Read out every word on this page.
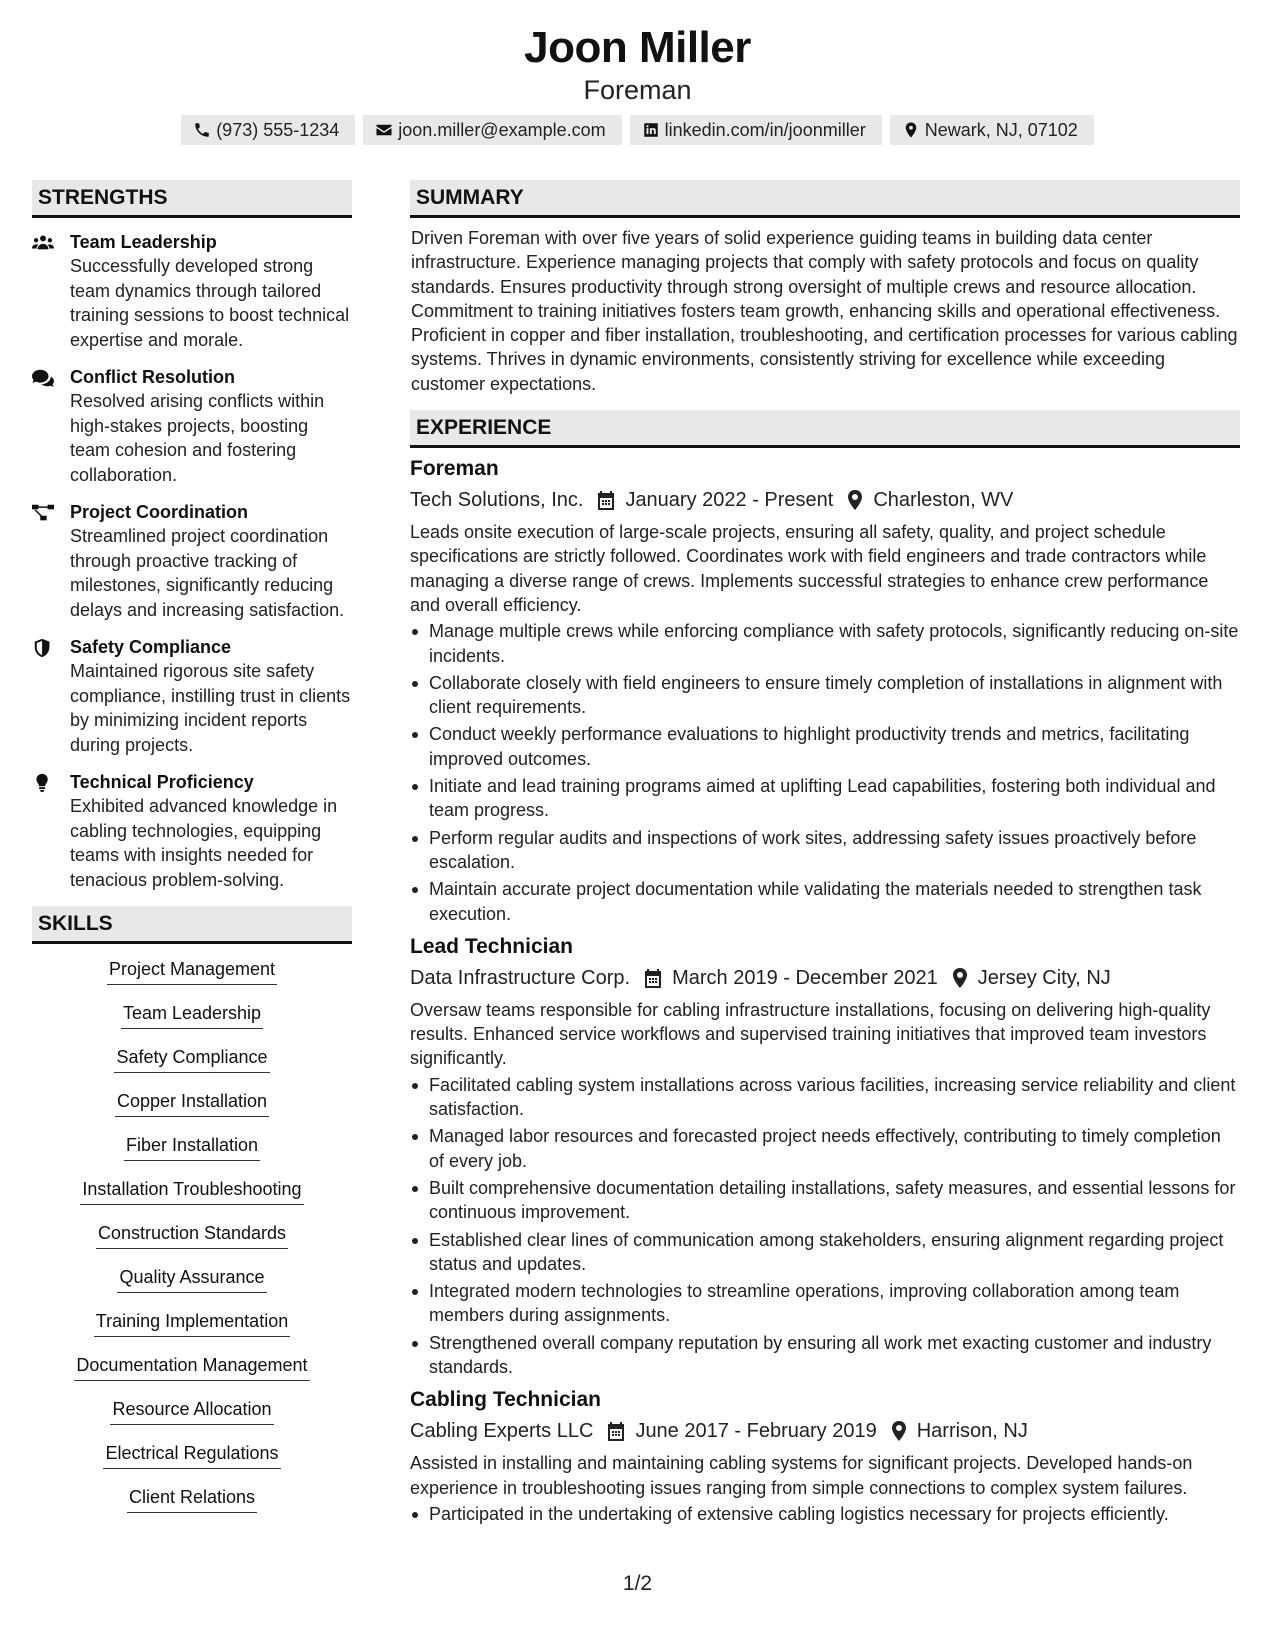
Joon Miller
Foreman
(973) 555-1234	joon.miller@example.com	linkedin.com/in/joonmiller	Newark, NJ, 07102
STRENGTHS
Team Leadership
Successfully developed strong team dynamics through tailored training sessions to boost technical expertise and morale.
Conflict Resolution
Resolved arising conflicts within high-stakes projects, boosting team cohesion and fostering collaboration.
Project Coordination
Streamlined project coordination through proactive tracking of milestones, significantly reducing delays and increasing satisfaction.
Safety Compliance
Maintained rigorous site safety compliance, instilling trust in clients by minimizing incident reports during projects.
Technical Proficiency
Exhibited advanced knowledge in cabling technologies, equipping teams with insights needed for tenacious problem-solving.
SKILLS
Project Management
Team Leadership
Safety Compliance
Copper Installation
Fiber Installation
Installation Troubleshooting
Construction Standards
Quality Assurance
Training Implementation
Documentation Management
Resource Allocation
Electrical Regulations
Client Relations
SUMMARY
Driven Foreman with over five years of solid experience guiding teams in building data center infrastructure. Experience managing projects that comply with safety protocols and focus on quality standards. Ensures productivity through strong oversight of multiple crews and resource allocation. Commitment to training initiatives fosters team growth, enhancing skills and operational effectiveness. Proficient in copper and fiber installation, troubleshooting, and certification processes for various cabling systems. Thrives in dynamic environments, consistently striving for excellence while exceeding customer expectations.
EXPERIENCE
Foreman
Tech Solutions, Inc. January 2022 - Present Charleston, WV
Leads onsite execution of large-scale projects, ensuring all safety, quality, and project schedule specifications are strictly followed. Coordinates work with field engineers and trade contractors while managing a diverse range of crews. Implements successful strategies to enhance crew performance and overall efficiency.
Manage multiple crews while enforcing compliance with safety protocols, significantly reducing on-site incidents.
Collaborate closely with field engineers to ensure timely completion of installations in alignment with client requirements.
Conduct weekly performance evaluations to highlight productivity trends and metrics, facilitating improved outcomes.
Initiate and lead training programs aimed at uplifting Lead capabilities, fostering both individual and team progress.
Perform regular audits and inspections of work sites, addressing safety issues proactively before escalation.
Maintain accurate project documentation while validating the materials needed to strengthen task execution.
Lead Technician
Data Infrastructure Corp. March 2019 - December 2021 Jersey City, NJ
Oversaw teams responsible for cabling infrastructure installations, focusing on delivering high-quality results. Enhanced service workflows and supervised training initiatives that improved team investors significantly.
Facilitated cabling system installations across various facilities, increasing service reliability and client satisfaction.
Managed labor resources and forecasted project needs effectively, contributing to timely completion of every job.
Built comprehensive documentation detailing installations, safety measures, and essential lessons for continuous improvement.
Established clear lines of communication among stakeholders, ensuring alignment regarding project status and updates.
Integrated modern technologies to streamline operations, improving collaboration among team members during assignments.
Strengthened overall company reputation by ensuring all work met exacting customer and industry standards.
Cabling Technician
Cabling Experts LLC June 2017 - February 2019 Harrison, NJ
Assisted in installing and maintaining cabling systems for significant projects. Developed hands-on experience in troubleshooting issues ranging from simple connections to complex system failures.
Participated in the undertaking of extensive cabling logistics necessary for projects efficiently.
1/2
